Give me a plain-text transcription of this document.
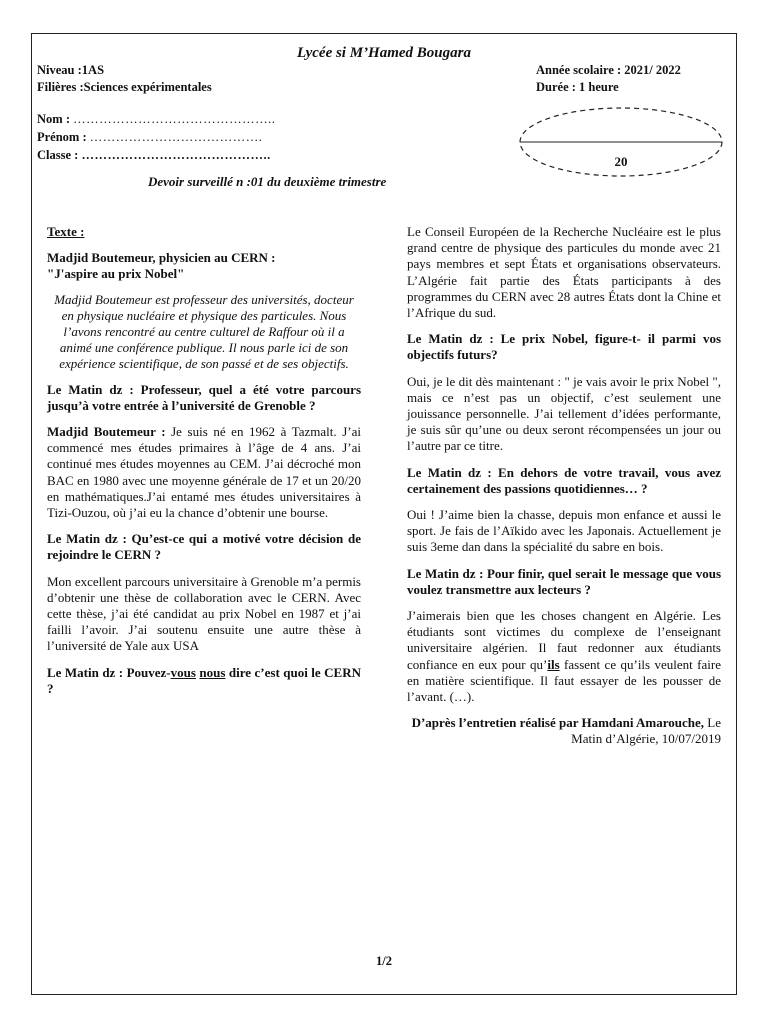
Lycée si M’Hamed Bougara
Niveau :1AS
Filières :Sciences expérimentales
Année scolaire : 2021/ 2022
Durée : 1 heure
Nom : ………………………………………..
Prénom : ………………………………….
Classe : ……………………………………..	20
Devoir surveillé n :01 du deuxième trimestre

Texte :

Madjid Boutemeur, physicien au CERN :
"J'aspire au prix Nobel"

Madjid Boutemeur est professeur des universités, docteur en physique nucléaire et physique des particules. Nous l’avons rencontré au centre culturel de Raffour où il a animé une conférence publique. Il nous parle ici de son expérience scientifique, de son passé et de ses objectifs.

Le Matin dz : Professeur, quel a été votre parcours jusqu’à votre entrée à l’université de Grenoble ?

Madjid Boutemeur : Je suis né en 1962 à Tazmalt. J’ai commencé mes études primaires à l’âge de 4 ans. J’ai continué mes études moyennes au CEM. J’ai décroché mon BAC en 1980 avec une moyenne générale de 17 et un 20/20 en mathématiques.J’ai entamé mes études universitaires à Tizi-Ouzou, où j’ai eu la chance d’obtenir une bourse.

Le Matin dz : Qu’est-ce qui a motivé votre décision de rejoindre le CERN ?

Mon excellent parcours universitaire à Grenoble m’a permis d’obtenir une thèse de collaboration avec le CERN. Avec cette thèse, j’ai été candidat au prix Nobel en 1987 et j’ai failli l’avoir. J’ai soutenu ensuite une autre thèse à l’université de Yale aux USA

Le Matin dz : Pouvez-vous nous dire c’est quoi le CERN ?

Le Conseil Européen de la Recherche Nucléaire est le plus grand centre de physique des particules du monde avec 21 pays membres et sept États et organisations observateurs. L’Algérie fait partie des États participants à des programmes du CERN avec 28 autres États dont la Chine et l’Afrique du sud.

Le Matin dz : Le prix Nobel, figure-t- il parmi vos objectifs futurs?

Oui, je le dit dès maintenant : " je vais avoir le prix Nobel ", mais ce n’est pas un objectif, c’est seulement une jouissance personnelle. J’ai tellement d’idées performante, je suis sûr qu’une ou deux seront récompensées un jour ou l’autre par ce titre.

Le Matin dz : En dehors de votre travail, vous avez certainement des passions quotidiennes… ?

Oui ! J’aime bien la chasse, depuis mon enfance et aussi le sport. Je fais de l’Aïkido avec les Japonais. Actuellement je suis 3eme dan dans la spécialité du sabre en bois.

Le Matin dz : Pour finir, quel serait le message que vous voulez transmettre aux lecteurs ?

J’aimerais bien que les choses changent en Algérie. Les étudiants sont victimes du complexe de l’enseignant universitaire algérien. Il faut redonner aux étudiants confiance en eux pour qu’ils fassent ce qu’ils veulent faire en matière scientifique. Il faut essayer de les pousser de l’avant. (…).

D’après l’entretien réalisé par Hamdani Amarouche, Le Matin d’Algérie, 10/07/2019

1/2
